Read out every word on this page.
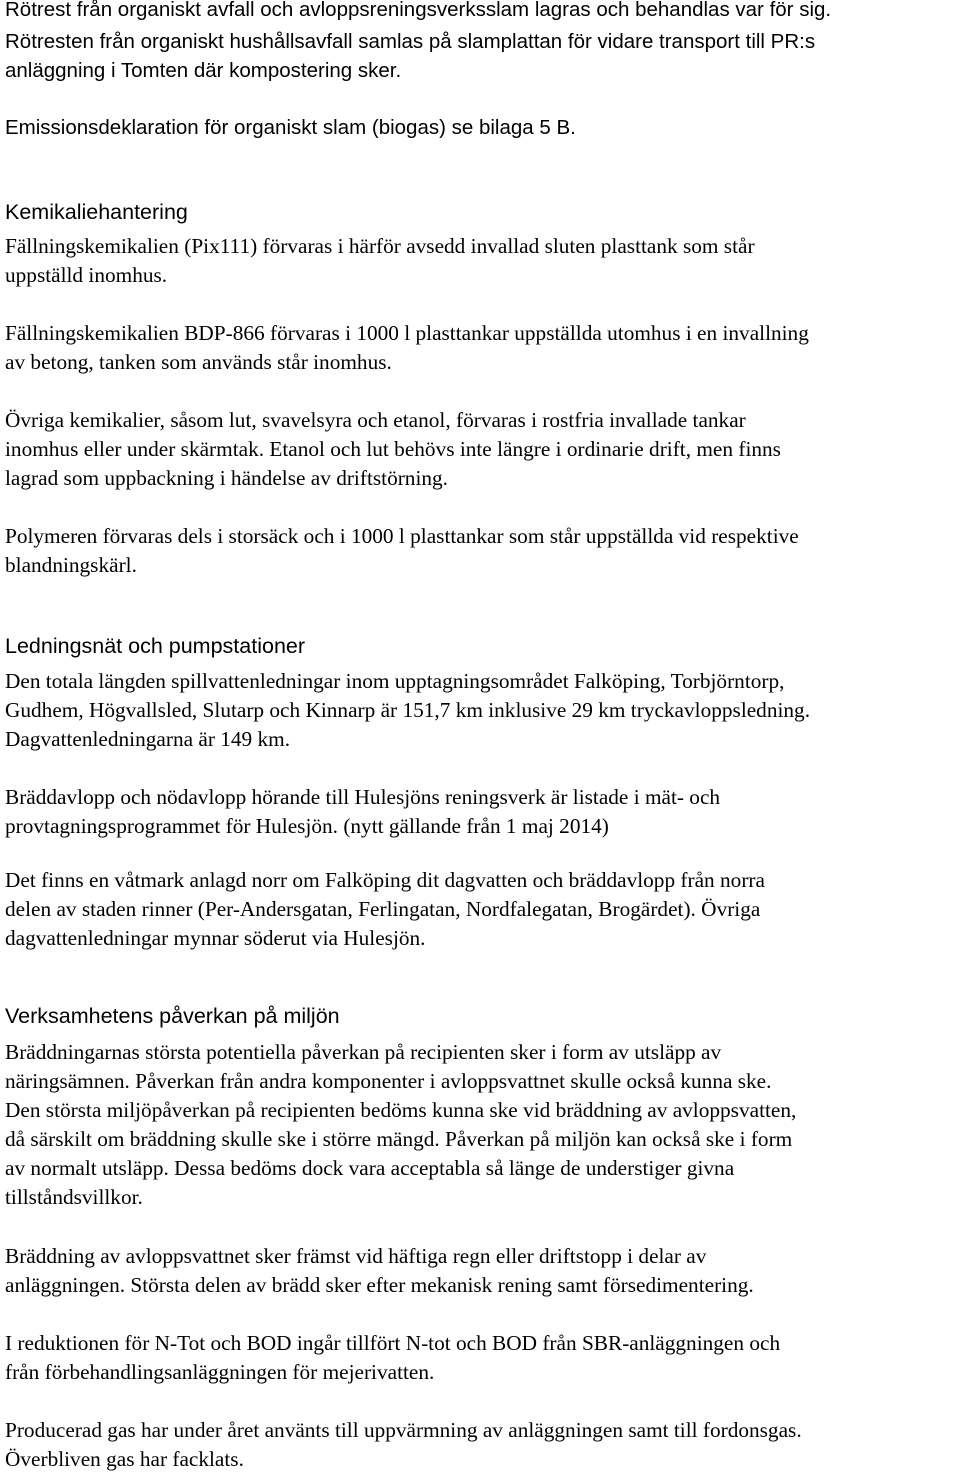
Rötrest från organiskt avfall och avloppsreningsverksslam lagras och behandlas var för sig.
Rötresten från organiskt hushållsavfall samlas på slamplattan för vidare transport till PR:s
anläggning i Tomten där kompostering sker.
Emissionsdeklaration för organiskt slam (biogas) se bilaga 5 B.
Kemikaliehantering
Fällningskemikalien (Pix111) förvaras i härför avsedd invallad sluten plasttank som står
uppställd inomhus.
Fällningskemikalien BDP-866 förvaras i 1000 l plasttankar uppställda utomhus i en invallning
av betong, tanken som används står inomhus.
Övriga kemikalier, såsom lut, svavelsyra och etanol, förvaras i rostfria invallade tankar
inomhus eller under skärmtak. Etanol och lut behövs inte längre i ordinarie drift, men finns
lagrad som uppbackning i händelse av driftstörning.
Polymeren förvaras dels i storsäck och i 1000 l plasttankar som står uppställda vid respektive
blandningskärl.
Ledningsnät och pumpstationer
Den totala längden spillvattenledningar inom upptagningsområdet Falköping, Torbjörntorp,
Gudhem, Högvallsled, Slutarp och Kinnarp är 151,7 km inklusive 29 km tryckavloppsledning.
Dagvattenledningarna är 149 km.
Bräddavlopp och nödavlopp hörande till Hulesjöns reningsverk är listade i mät- och
provtagningsprogrammet för Hulesjön. (nytt gällande från 1 maj 2014)
Det finns en våtmark anlagd norr om Falköping dit dagvatten och bräddavlopp från norra
delen av staden rinner (Per-Andersgatan, Ferlingatan, Nordfalegatan, Brogärdet). Övriga
dagvattenledningar mynnar söderut via Hulesjön.
Verksamhetens påverkan på miljön
Bräddningarnas största potentiella påverkan på recipienten sker i form av utsläpp av
näringsämnen. Påverkan från andra komponenter i avloppsvattnet skulle också kunna ske.
Den största miljöpåverkan på recipienten bedöms kunna ske vid bräddning av avloppsvatten,
då särskilt om bräddning skulle ske i större mängd. Påverkan på miljön kan också ske i form
av normalt utsläpp. Dessa bedöms dock vara acceptabla så länge de understiger givna
tillståndsvillkor.
Bräddning av avloppsvattnet sker främst vid häftiga regn eller driftstopp i delar av
anläggningen. Största delen av brädd sker efter mekanisk rening samt försedimentering.
I reduktionen för N-Tot och BOD ingår tillfört N-tot och BOD från SBR-anläggningen och
från förbehandlingsanläggningen för mejerivatten.
Producerad gas har under året använts till uppvärmning av anläggningen samt till fordonsgas.
Överbliven gas har facklats.
